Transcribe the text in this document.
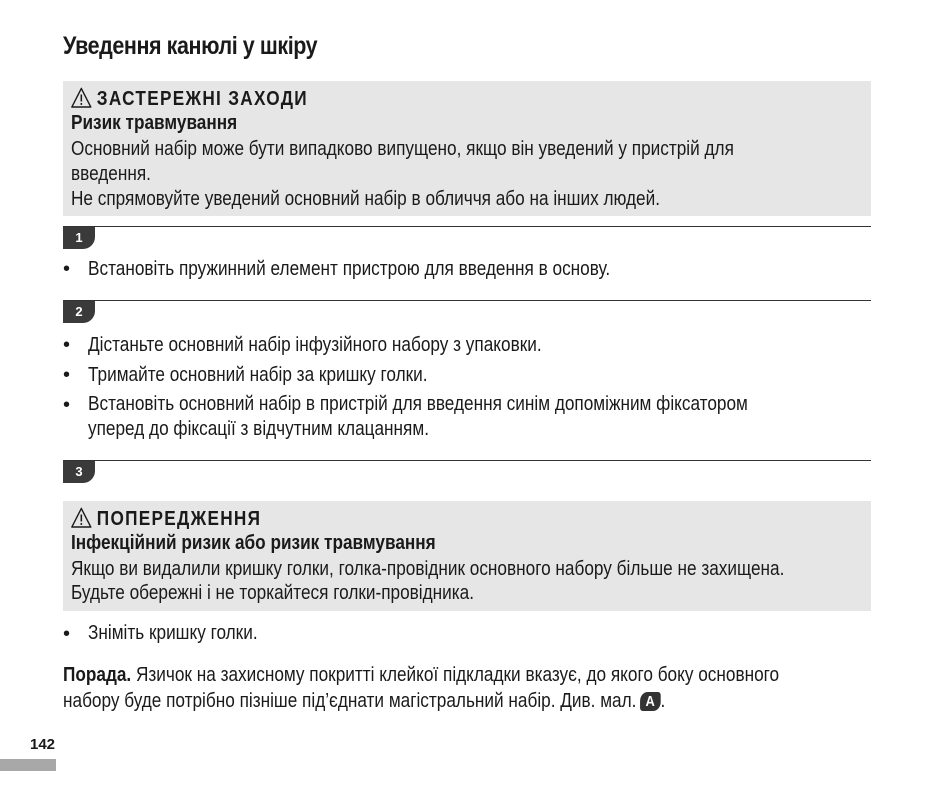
Уведення канюлі у шкіру
ЗАСТЕРЕЖНІ ЗАХОДИ
Ризик травмування
Основний набір може бути випадково випущено, якщо він уведений у пристрій для
введення.
Не спрямовуйте уведений основний набір в обличчя або на інших людей.
1
• Встановіть пружинний елемент пристрою для введення в основу.
2
• Дістаньте основний набір інфузійного набору з упаковки.
• Тримайте основний набір за кришку голки.
• Встановіть основний набір в пристрій для введення синім допоміжним фіксатором
уперед до фіксації з відчутним клацанням.
3
ПОПЕРЕДЖЕННЯ
Інфекційний ризик або ризик травмування
Якщо ви видалили кришку голки, голка-провідник основного набору більше не захищена.
Будьте обережні і не торкайтеся голки-провідника.
• Зніміть кришку голки.
Порада. Язичок на захисному покритті клейкої підкладки вказує, до якого боку основного
набору буде потрібно пізніше під’єднати магістральний набір. Див. мал. A .
142
